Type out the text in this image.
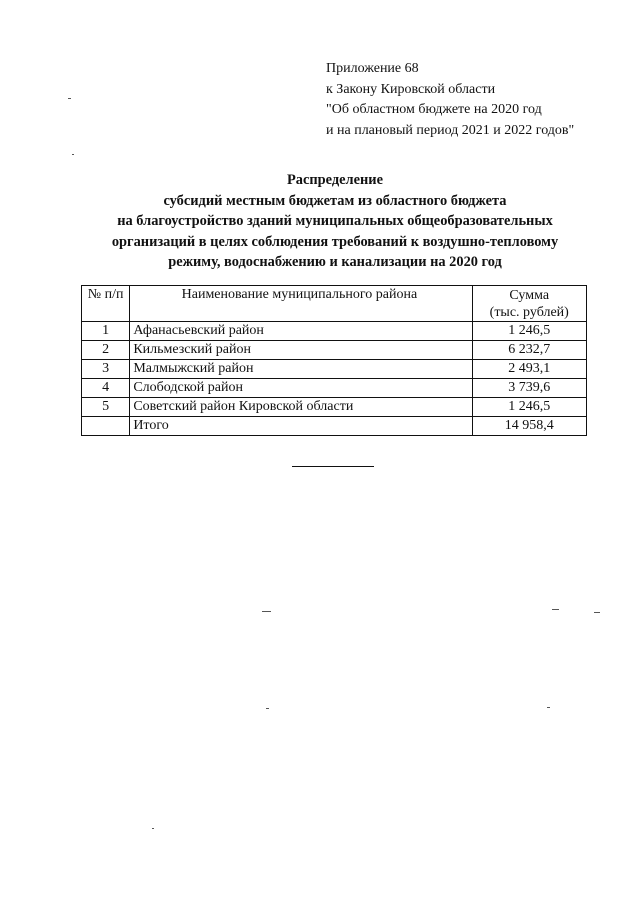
Приложение 68
к Закону Кировской области
"Об областном бюджете на 2020 год
и на плановый период 2021 и 2022 годов"
Распределение
субсидий местным бюджетам из областного бюджета
на благоустройство зданий муниципальных общеобразовательных
организаций в целях соблюдения требований к воздушно-тепловому
режиму, водоснабжению и канализации на 2020 год
№ п/п	Наименование муниципального района	Сумма
(тыс. рублей)

1	Афанасьевский район	1 246,5
2	Кильмезский район	6 232,7
3	Малмыжский район	2 493,1
4	Слободской район	3 739,6
5	Советский район Кировской области	1 246,5
	Итого	14 958,4
